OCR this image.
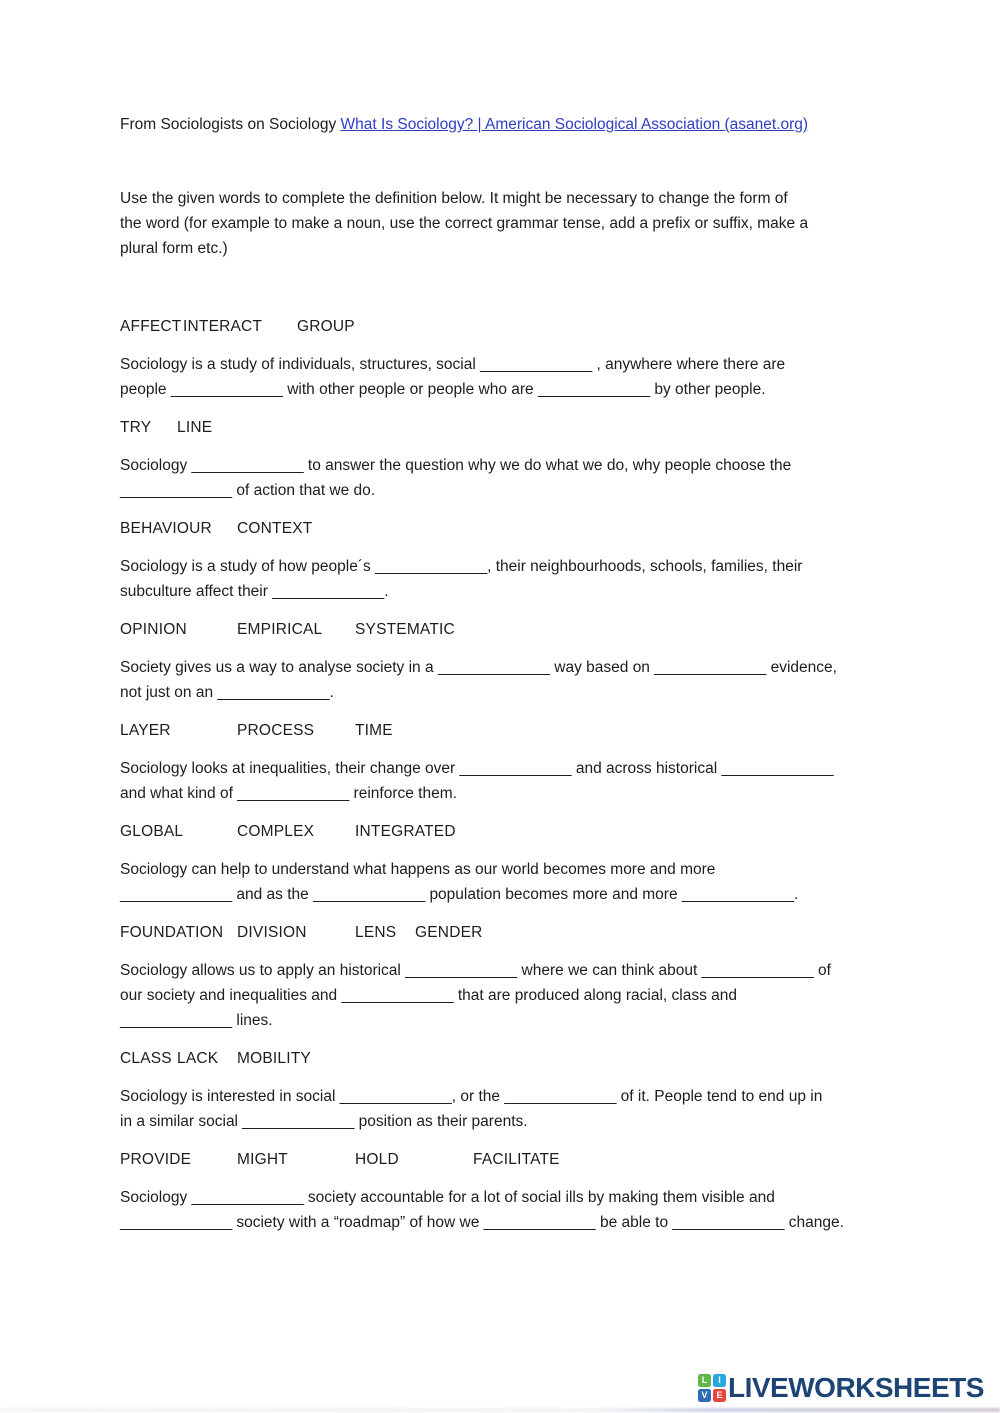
From Sociologists on Sociology What Is Sociology? | American Sociological Association (asanet.org)

Use the given words to complete the definition below. It might be necessary to change the form of
the word (for example to make a noun, use the correct grammar tense, add a prefix or suffix, make a
plural form etc.)

AFFECTINTERACT GROUP

Sociology is a study of individuals, structures, social _____________ , anywhere where there are
people _____________ with other people or people who are _____________ by other people.

TRY LINE

Sociology _____________ to answer the question why we do what we do, why people choose the
_____________ of action that we do.

BEHAVIOUR CONTEXT

Sociology is a study of how people´s _____________, their neighbourhoods, schools, families, their
subculture affect their _____________.

OPINION	EMPIRICAL SYSTEMATIC

Society gives us a way to analyse society in a _____________ way based on _____________ evidence,
not just on an _____________.

LAYER	PROCESS	TIME

Sociology looks at inequalities, their change over _____________ and across historical _____________
and what kind of _____________ reinforce them.

GLOBAL	COMPLEX	INTEGRATED

Sociology can help to understand what happens as our world becomes more and more
_____________ and as the _____________ population becomes more and more _____________.

FOUNDATION DIVISION	LENS GENDER

Sociology allows us to apply an historical _____________ where we can think about _____________ of
our society and inequalities and _____________ that are produced along racial, class and
_____________ lines.

CLASS LACK MOBILITY

Sociology is interested in social _____________, or the _____________ of it. People tend to end up in
in a similar social _____________ position as their parents.

PROVIDE	MIGHT	HOLD	FACILITATE

Sociology _____________ society accountable for a lot of social ills by making them visible and
_____________ society with a “roadmap” of how we _____________ be able to _____________ change.
L	I
V E LIVEWORKSHEETS
